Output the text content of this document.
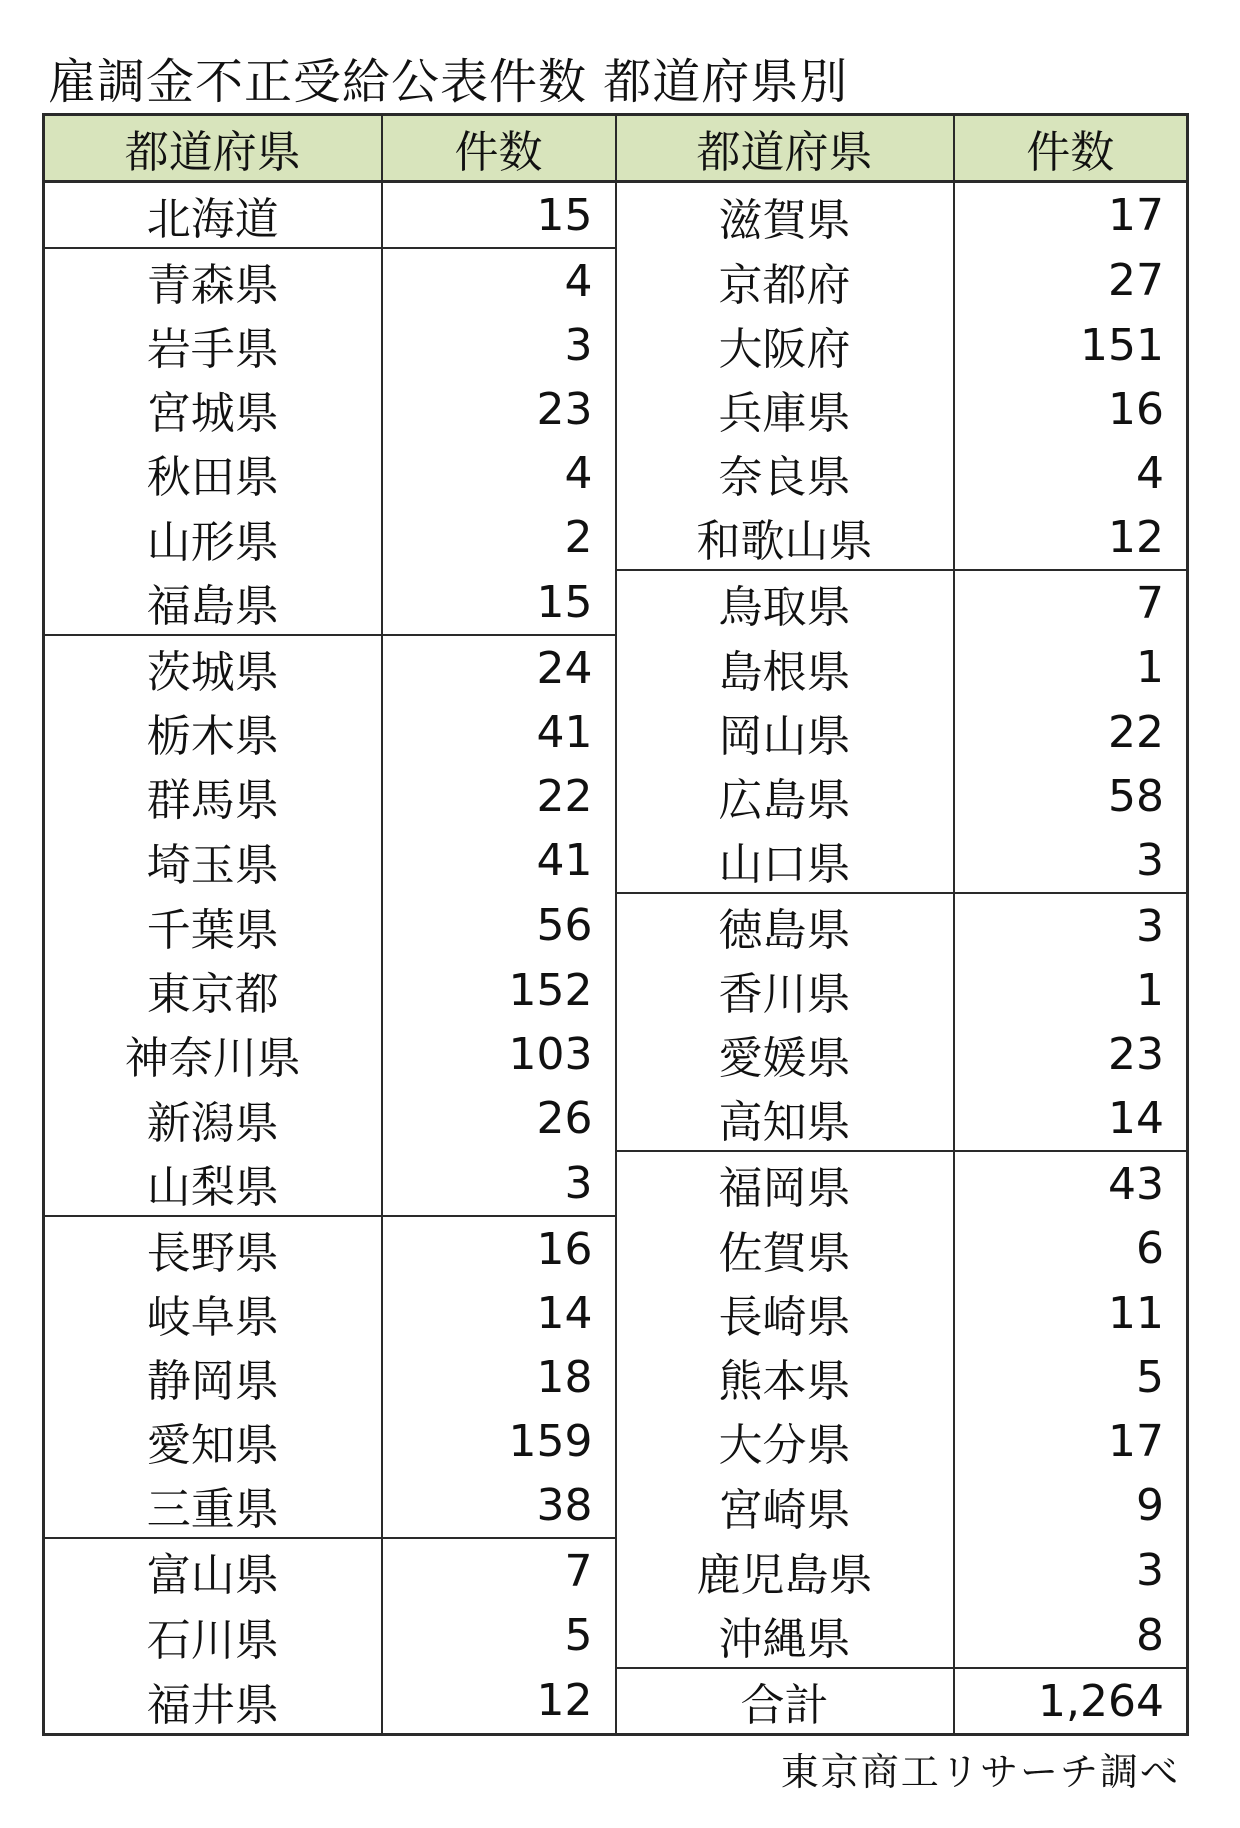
雇調金不正受給公表件数 都道府県別
都道府県	件数	都道府県	件数
北海道	15	滋賀県	17
青森県	4	京都府	27
岩手県	3	大阪府	151
宮城県	23	兵庫県	16
秋田県	4	奈良県	4
山形県	2	和歌山県	12
福島県	15	鳥取県	7
茨城県	24	島根県	1
栃木県	41	岡山県	22
群馬県	22	広島県	58
埼玉県	41	山口県	3
千葉県	56	徳島県	3
東京都	152	香川県	1
神奈川県	103	愛媛県	23
新潟県	26	高知県	14
山梨県	3	福岡県	43
長野県	16	佐賀県	6
岐阜県	14	長崎県	11
静岡県	18	熊本県	5
愛知県	159	大分県	17
三重県	38	宮崎県	9
富山県	7	鹿児島県	3
石川県	5	沖縄県	8
福井県	12	合計	1,264
東京商工リサーチ調べ
